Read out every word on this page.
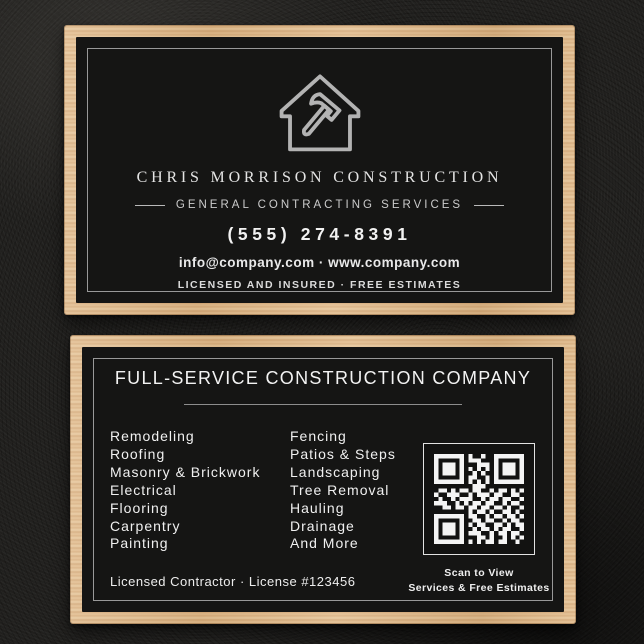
CHRIS MORRISON CONSTRUCTION
GENERAL CONTRACTING SERVICES
(555) 274-8391
info@company.com · www.company.com
LICENSED AND INSURED · FREE ESTIMATES
FULL-SERVICE CONSTRUCTION COMPANY
Remodeling
Roofing
Masonry & Brickwork
Electrical
Flooring
Carpentry
Painting
Fencing
Patios & Steps
Landscaping
Tree Removal
Hauling
Drainage
And More
Scan to View
Services & Free Estimates
Licensed Contractor · License #123456
